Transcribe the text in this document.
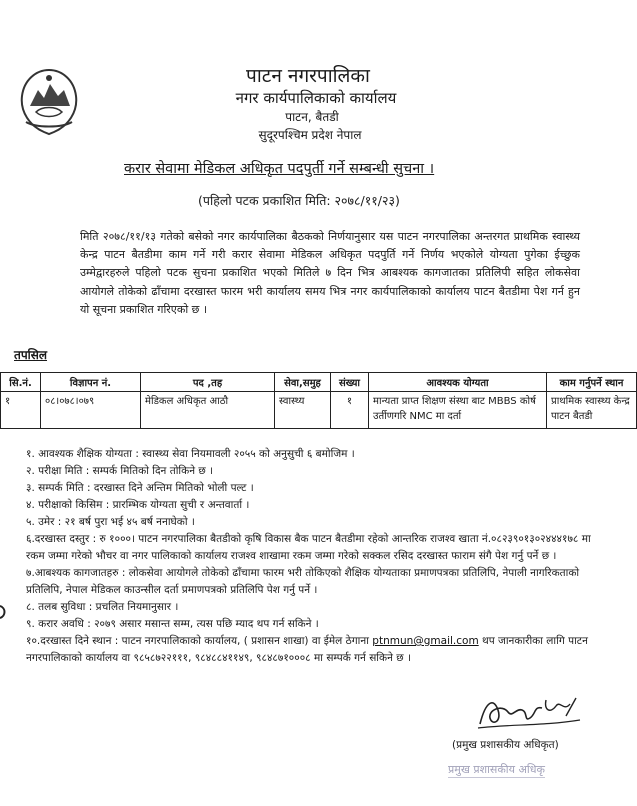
पाटन नगरपालिका
नगर कार्यपालिकाको कार्यालय
पाटन, बैतडी
सुदूरपश्चिम प्रदेश नेपाल
करार सेवामा मेडिकल अधिकृत पदपुर्ती गर्ने सम्बन्धी सुचना ।
(पहिलो पटक प्रकाशित मिति: २०७८/११/२३)
मिति २०७८/११/१३ गतेको बसेको नगर कार्यपालिका बैठकको निर्णयानुसार यस पाटन नगरपालिका अन्तरगत प्राथमिक स्वास्थ्य केन्द्र पाटन बैतडीमा काम गर्ने गरी करार सेवामा मेडिकल अधिकृत पदपुर्ति गर्ने निर्णय भएकोले योग्यता पुगेका ईच्छुक उम्मेद्वारहरुले पहिलो पटक सुचना प्रकाशित भएको मितिले ७ दिन भित्र आबश्यक कागजातका प्रतिलिपी सहित लोकसेवा आयोगले तोकेको ढाँचामा दरखास्त फारम भरी कार्यालय समय भित्र नगर कार्यपालिकाको कार्यालय पाटन बैतडीमा पेश गर्न हुन यो सूचना प्रकाशित गरिएको छ ।
तपसिल
सि.नं.	विज्ञापन नं.	पद ,तह	सेवा,समुह	संख्या	आवश्यक योग्यता	काम गर्नुपर्ने स्थान
१	०८।०७८।०७९	मेडिकल अधिकृत आठौ	स्वास्थ्य	१	मान्यता प्राप्त शिक्षण संस्था बाट MBBS कोर्ष उर्तीणगरि NMC मा दर्ता	प्राथमिक स्वास्थ्य केन्द्र पाटन बैतडी
१. आवश्यक शैक्षिक योग्यता : स्वास्थ्य सेवा नियमावली २०५५ को अनुसुची ६ बमोजिम ।
२. परीक्षा मिति : सम्पर्क मितिको दिन तोकिने छ ।
३. सम्पर्क मिति : दरखास्त दिने अन्तिम मितिको भोली पल्ट ।
४. परीक्षाको किसिम : प्रारम्भिक योग्यता सुची र अन्तवार्ता ।
५. उमेर : २१ बर्ष पुरा भई ४५ बर्ष ननाघेको ।
६.दरखास्त दस्तुर : रु १०००। पाटन नगरपालिका बैतडीको कृषि विकास बैक पाटन बैतडीमा रहेको आन्तरिक राजश्व खाता नं.०८२३९०१३०२४४४१७८ मा रकम जम्मा गरेको भौचर वा नगर पालिकाको कार्यालय राजश्व शाखामा रकम जम्मा गरेको सक्कल रसिद दरखास्त फाराम संगै पेश गर्नु पर्ने छ ।
७.आबश्यक कागजातहरु : लोकसेवा आयोगले तोकेको ढाँचामा फारम भरी तोकिएको शैक्षिक योग्यताका प्रमाणपत्रका प्रतिलिपि, नेपाली नागरिकताको प्रतिलिपि, नेपाल मेडिकल काउन्सील दर्ता प्रमाणपत्रको प्रतिलिपि पेश गर्नु पर्ने ।
८. तलब सुविधा : प्रचलित नियमानुसार ।
९. करार अवधि : २०७९ असार मसान्त सम्म, त्यस पछि म्याद थप गर्न सकिने ।
१०.दरखास्त दिने स्थान : पाटन नगरपालिकाको कार्यालय, ( प्रशासन शाखा) वा ईमेल ठेगाना ptnmun@gmail.com थप जानकारीका लागि पाटन नगरपालिकाको कार्यालय वा ९८५८७२२१११, ९८४८८४११४९, ९८४८७१०००८ मा सम्पर्क गर्न सकिने छ ।
(प्रमुख प्रशासकीय अधिकृत)
प्रमुख प्रशासकीय अधिकृ
